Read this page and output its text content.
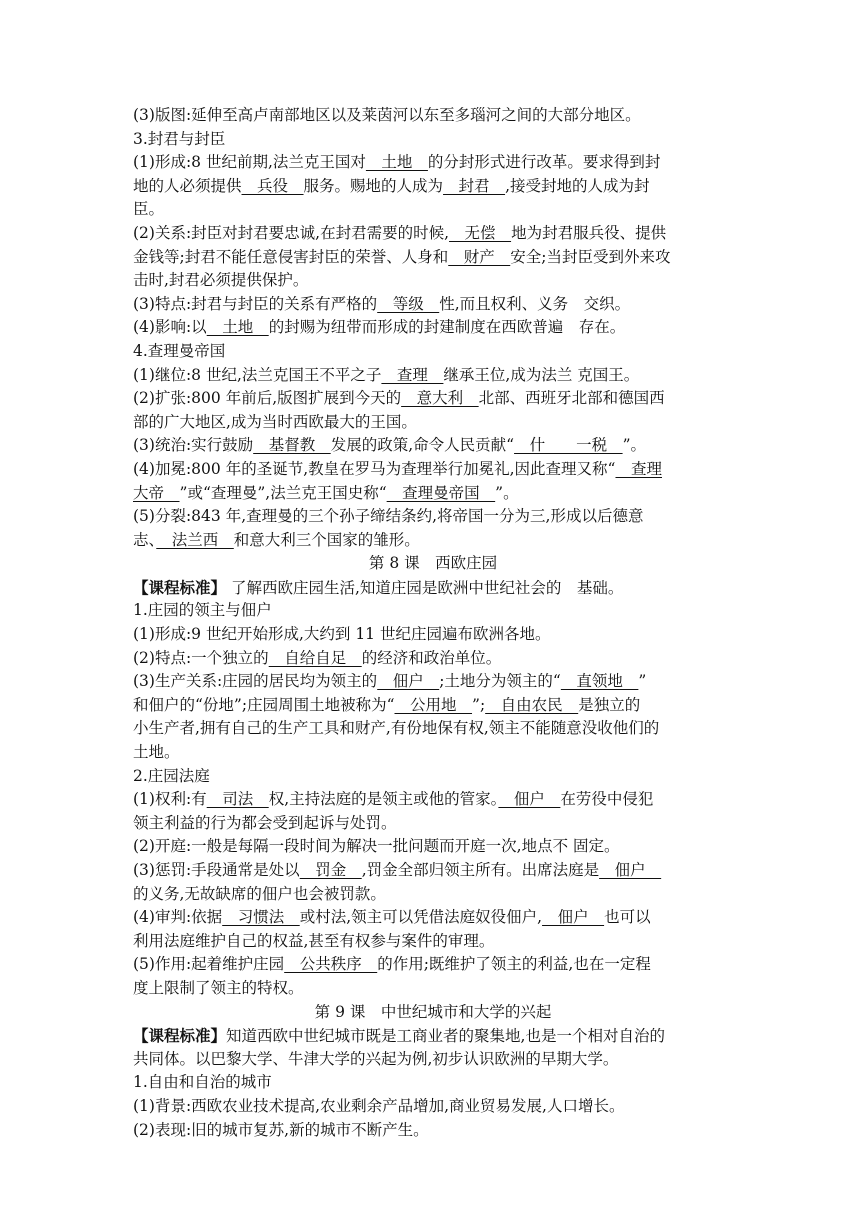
(3)版图:延伸至高卢南部地区以及莱茵河以东至多瑙河之间的大部分地区。
3.封君与封臣
(1)形成:8 世纪前期,法兰克王国对　土地　的分封形式进行改革。要求得到封
地的人必须提供　兵役　服务。赐地的人成为　封君　,接受封地的人成为封
臣。
(2)关系:封臣对封君要忠诚,在封君需要的时候,　无偿　地为封君服兵役、提供
金钱等;封君不能任意侵害封臣的荣誉、人身和　财产　安全;当封臣受到外来攻
击时,封君必须提供保护。
(3)特点:封君与封臣的关系有严格的　等级　性,而且权利、义务　交织。
(4)影响:以　土地　的封赐为纽带而形成的封建制度在西欧普遍　存在。
4.查理曼帝国
(1)继位:8 世纪,法兰克国王不平之子　查理　继承王位,成为法兰 克国王。
(2)扩张:800 年前后,版图扩展到今天的　意大利　北部、西班牙北部和德国西
部的广大地区,成为当时西欧最大的王国。
(3)统治:实行鼓励　基督教　发展的政策,命令人民贡献“　什　　一税　”。
(4)加冕:800 年的圣诞节,教皇在罗马为查理举行加冕礼,因此查理又称“　查理
大帝　”或“查理曼”,法兰克王国史称“　查理曼帝国　”。
(5)分裂:843 年,查理曼的三个孙子缔结条约,将帝国一分为三,形成以后德意
志、　法兰西　和意大利三个国家的雏形。
第 8 课　西欧庄园
【课程标准】 了解西欧庄园生活,知道庄园是欧洲中世纪社会的　基础。
1.庄园的领主与佃户
(1)形成:9 世纪开始形成,大约到 11 世纪庄园遍布欧洲各地。
(2)特点:一个独立的　自给自足　的经济和政治单位。
(3)生产关系:庄园的居民均为领主的　佃户　;土地分为领主的“　直领地　”
和佃户的“份地”;庄园周围土地被称为“　公用地　”;　自由农民　是独立的
小生产者,拥有自己的生产工具和财产,有份地保有权,领主不能随意没收他们的
土地。
2.庄园法庭
(1)权利:有　司法　权,主持法庭的是领主或他的管家。　佃户　在劳役中侵犯
领主利益的行为都会受到起诉与处罚。
(2)开庭:一般是每隔一段时间为解决一批问题而开庭一次,地点不 固定。
(3)惩罚:手段通常是处以　罚金　,罚金全部归领主所有。出席法庭是　佃户　
的义务,无故缺席的佃户也会被罚款。
(4)审判:依据　习惯法　或村法,领主可以凭借法庭奴役佃户,　佃户　也可以
利用法庭维护自己的权益,甚至有权参与案件的审理。
(5)作用:起着维护庄园　公共秩序　的作用;既维护了领主的利益,也在一定程
度上限制了领主的特权。
第 9 课　中世纪城市和大学的兴起
【课程标准】知道西欧中世纪城市既是工商业者的聚集地,也是一个相对自治的
共同体。以巴黎大学、牛津大学的兴起为例,初步认识欧洲的早期大学。
1.自由和自治的城市
(1)背景:西欧农业技术提高,农业剩余产品增加,商业贸易发展,人口增长。
(2)表现:旧的城市复苏,新的城市不断产生。
